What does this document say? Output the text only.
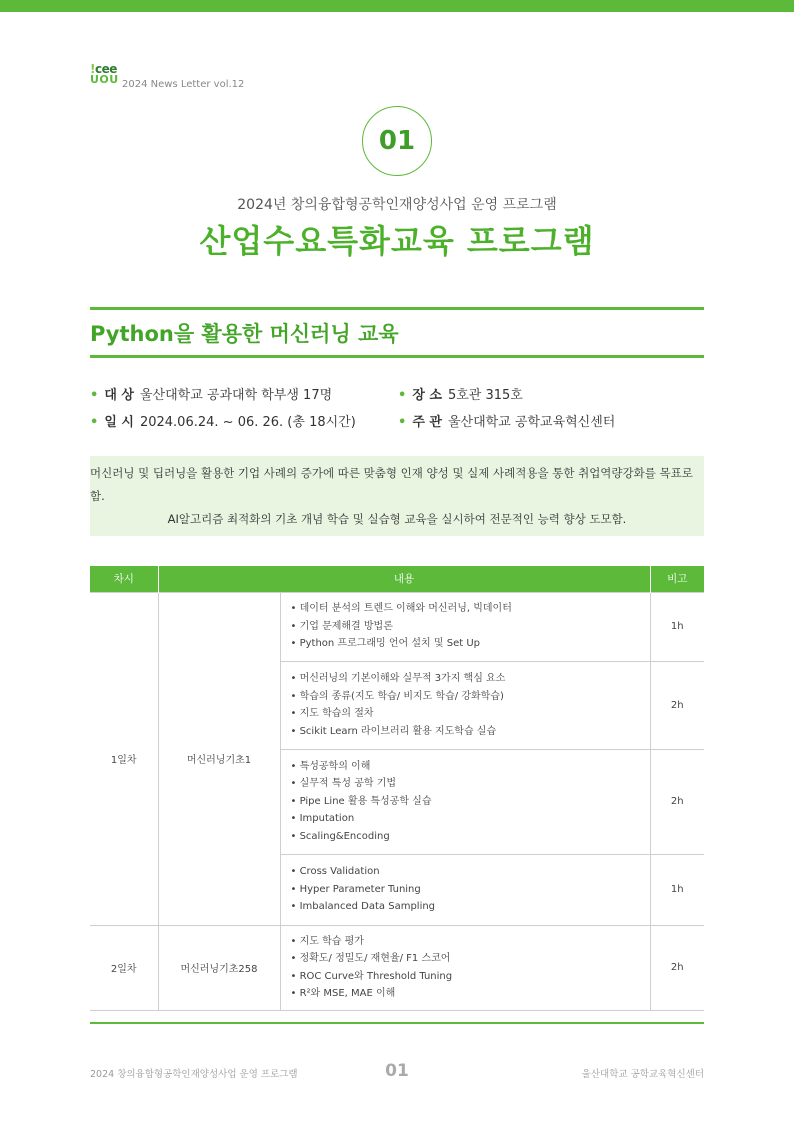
!cee
UOU 2024 News Letter vol.12
01
2024년 창의융합형공학인재양성사업 운영 프로그램
산업수요특화교육 프로그램
Python을 활용한 머신러닝 교육
• 대 상 울산대학교 공과대학 학부생 17명
• 일 시 2024.06.24. ~ 06. 26. (총 18시간)
• 장 소 5호관 315호
• 주 관 울산대학교 공학교육혁신센터
머신러닝 및 딥러닝을 활용한 기업 사례의 증가에 따른 맞춤형 인재 양성 및 실제 사례적용을 통한 취업역량강화를 목표로 함.
AI알고리즘 최적화의 기초 개념 학습 및 실습형 교육을 실시하여 전문적인 능력 향상 도모함.
차시	내용		비고
1일차	머신러닝기초1	• 데이터 분석의 트렌드 이해와 머신러닝, 빅데이터
• 기업 문제해결 방법론
• Python 프로그래밍 언어 설치 및 Set Up	1h

		• 머신러닝의 기본이해와 실무적 3가지 핵심 요소
• 학습의 종류(지도 학습/ 비지도 학습/ 강화학습)
• 지도 학습의 절차
• Scikit Learn 라이브러리 활용 지도학습 실습	2h

		• 특성공학의 이해
• 실무적 특성 공학 기법
• Pipe Line 활용 특성공학 실습
• Imputation
• Scaling&Encoding	2h

		• Cross Validation
• Hyper Parameter Tuning
• Imbalanced Data Sampling	1h
2일차	머신러닝기초258	• 지도 학습 평가
• 정확도/ 정밀도/ 재현율/ F1 스코어
• ROC Curve와 Threshold Tuning
• R²와 MSE, MAE 이해	2h
2024 창의융합형공학인재양성사업 운영 프로그램	01	울산대학교 공학교육혁신센터
